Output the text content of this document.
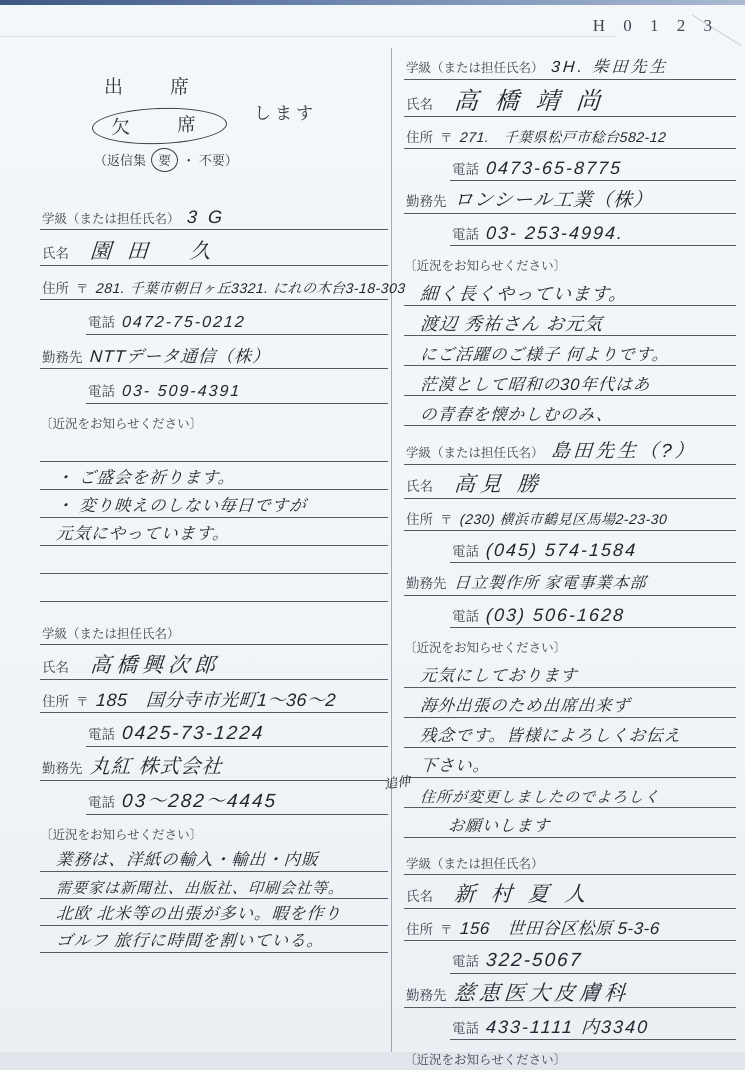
H 0 1 2 3
出　席
欠　席
します
（返信集 要 ・ 不要）
学級（または担任氏名） 3 G
氏名 園 田　 久
住所 〒 281. 千葉市朝日ヶ丘3321. にれの木台3-18-303
電話 0472-75-0212
勤務先 NTTデータ通信（株）
電話 03- 509-4391
〔近況をお知らせください〕
・ ご盛会を祈ります。
・ 変り映えのしない毎日ですが
元気にやっています。
学級（または担任氏名）
氏名 高橋興次郎
住所 〒 185　国分寺市光町1〜36〜2
電話 0425-73-1224
勤務先 丸紅 株式会社
電話 03〜282〜4445
〔近況をお知らせください〕
業務は、洋紙の輸入・輸出・内販
需要家は新聞社、出版社、印刷会社等。
北欧 北米等の出張が多い。暇を作り
ゴルフ 旅行に時間を割いている。
学級（または担任氏名） 3H. 柴田先生
氏名 高 橋 靖 尚
住所 〒 271.　千葉県松戸市稔台582-12
電話 0473-65-8775
勤務先 ロンシール工業（株）
電話 03- 253-4994.
〔近況をお知らせください〕
細く長くやっています。
渡辺 秀祐さん お元気
にご活躍のご様子 何よりです。
茫漠として昭和の30年代はあ
の青春を懐かしむのみ、
学級（または担任氏名） 島田先生（?）
氏名 高見 勝
住所 〒 (230) 横浜市鶴見区馬場2-23-30
電話 (045) 574-1584
勤務先 日立製作所 家電事業本部
電話 (03) 506-1628
〔近況をお知らせください〕
元気にしております
海外出張のため出席出来ず
残念です。皆様によろしくお伝え
下さい。
追伸
住所が変更しましたのでよろしく
お願いします
学級（または担任氏名）
氏名 新 村 夏 人
住所 〒 156　世田谷区松原 5-3-6
電話 322-5067
勤務先 慈恵医大皮膚科
電話 433-1111 内3340
〔近況をお知らせください〕
